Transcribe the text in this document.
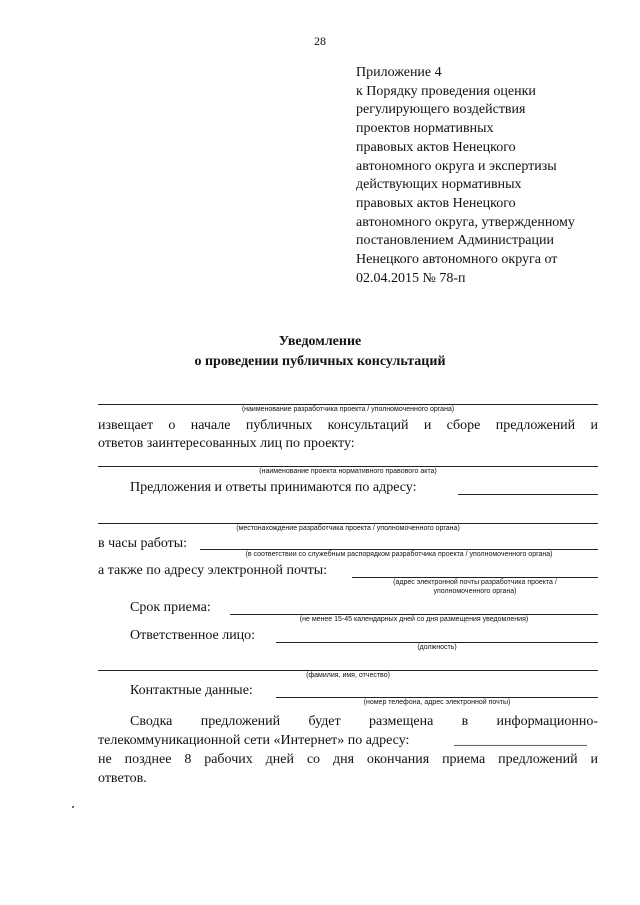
28
Приложение 4
к Порядку проведения оценки
регулирующего воздействия
проектов нормативных
правовых актов Ненецкого
автономного округа и экспертизы
действующих нормативных
правовых актов Ненецкого
автономного округа, утвержденному
постановлением Администрации
Ненецкого автономного округа от
02.04.2015 № 78-п
Уведомление
о проведении публичных консультаций
(наименование разработчика проекта / уполномоченного органа)
извещает о начале публичных консультаций и сборе предложений и
ответов заинтересованных лиц по проекту:
(наименование проекта нормативного правового акта)
Предложения и ответы принимаются по адресу:
(местонахождение разработчика проекта / уполномоченного органа)
в часы работы:
(в соответствии со служебным распорядком разработчика проекта / уполномоченного органа)
а также по адресу электронной почты:
(адрес электронной почты разработчика проекта /
уполномоченного органа)
Срок приема:
(не менее 15-45 календарных дней со дня размещения уведомления)
Ответственное лицо:
(должность)
(фамилия, имя, отчество)
Контактные данные:
(номер телефона, адрес электронной почты)
Сводка предложений будет размещена в информационно-
телекоммуникационной сети «Интернет» по адресу:	___________________
не позднее 8 рабочих дней со дня окончания приема предложений и
ответов.
